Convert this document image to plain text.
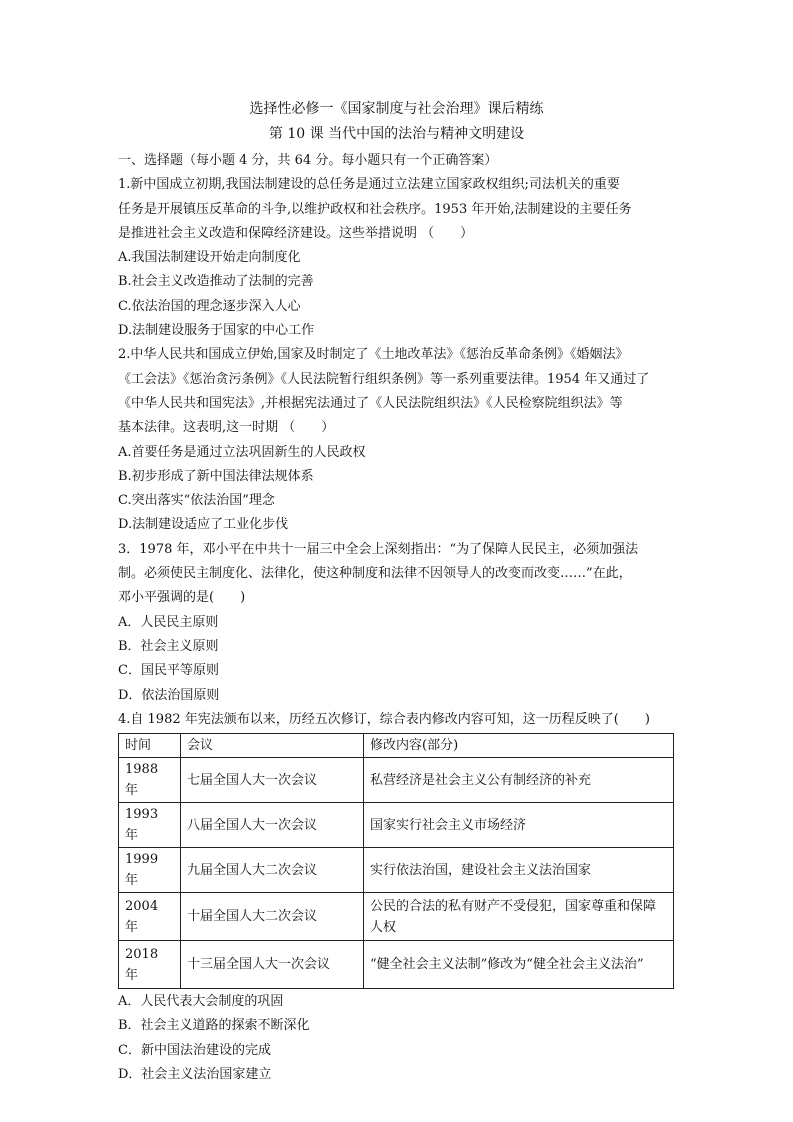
选择性必修一《国家制度与社会治理》课后精练
第 10 课 当代中国的法治与精神文明建设
一、选择题（每小题 4 分，共 64 分。每小题只有一个正确答案）
1.新中国成立初期,我国法制建设的总任务是通过立法建立国家政权组织;司法机关的重要
任务是开展镇压反革命的斗争,以维护政权和社会秩序。1953 年开始,法制建设的主要任务
是推进社会主义改造和保障经济建设。这些举措说明 （　　）
A.我国法制建设开始走向制度化
B.社会主义改造推动了法制的完善
C.依法治国的理念逐步深入人心
D.法制建设服务于国家的中心工作
2.中华人民共和国成立伊始,国家及时制定了《土地改革法》《惩治反革命条例》《婚姻法》
《工会法》《惩治贪污条例》《人民法院暂行组织条例》等一系列重要法律。1954 年又通过了
《中华人民共和国宪法》,并根据宪法通过了《人民法院组织法》《人民检察院组织法》等
基本法律。这表明,这一时期 （　　）
A.首要任务是通过立法巩固新生的人民政权
B.初步形成了新中国法律法规体系
C.突出落实“依法治国”理念
D.法制建设适应了工业化步伐
3．1978 年，邓小平在中共十一届三中全会上深刻指出：“为了保障人民民主，必须加强法
制。必须使民主制度化、法律化，使这种制度和法律不因领导人的改变而改变……”在此，
邓小平强调的是(　　)
A．人民民主原则
B．社会主义原则
C．国民平等原则
D．依法治国原则
4.自 1982 年宪法颁布以来，历经五次修订，综合表内修改内容可知，这一历程反映了(　　)
时间	会议	修改内容(部分)
1988 年	七届全国人大一次会议	私营经济是社会主义公有制经济的补充
1993 年	八届全国人大一次会议	国家实行社会主义市场经济
1999 年	九届全国人大二次会议	实行依法治国，建设社会主义法治国家
2004 年	十届全国人大二次会议	公民的合法的私有财产不受侵犯，国家尊重和保障人权
2018 年	十三届全国人大一次会议	“健全社会主义法制”修改为“健全社会主义法治”
A．人民代表大会制度的巩固
B．社会主义道路的探索不断深化
C．新中国法治建设的完成
D．社会主义法治国家建立
